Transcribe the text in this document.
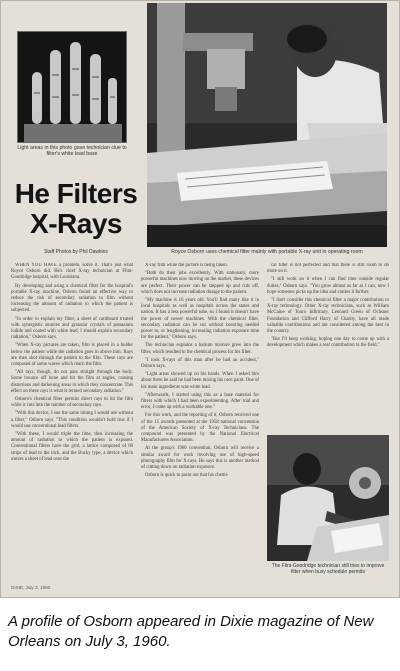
Light areas in this photo gave technician clue to filter's white lead base
He Filters
X-Rays
Staff Photos by Phil Dawkins	Royce Osborn uses chemical filter mainly with portable X-ray unit in operating room

WHEN YOU HAVE a problem, solve it. That's just what Royce Osborn did. He's chief X-ray technician at Flint-Goodridge hospital, with Louisiana.

By developing and using a chemical filter for the hospital's portable X-ray machine, Osborn found an effective way to reduce the risk of secondary radiation to film without increasing the amount of radiation to which the patient is subjected.

"In order to explain my filter, a sheet of cardboard treated with synergistic sources and granular crystals of potassium iodide and coated with white lead, I should explain secondary radiation," Osborn says.

"When X-ray pictures are taken, film is placed in a holder below the patient while the radiation goes in above him. Rays are then shot through the patient to the film. These rays are composed of some waves which reach the film.

"All rays, though, do not pass straight through the body. Some bounce off bone and hit the film at angles, causing distortions and darkening areas in which they concentrate. This effect on these rays is what is termed secondary radiation."

Osborn's chemical filter permits direct rays to hit the film while it cuts into the number of secondary rays.

"With this device, I use the same timing I would use without a filter," Osborn says. "This condition wouldn't hold true if I would use conventional lead filters.

"With these, I would triple the time, thus increasing the amount of radiation to which the patient is exposed. Conventional filters have the grid, a lattice composed of 80 strips of lead to the inch, and the Bucky type, a device which moves a sheet of lead over the

X-ray film while the picture is being taken.

"Both do their jobs excellently. With stationary, more powerful machines now moving on the market, these devices are perfect. Their power can be stepped up and cuts off, which does not increase radiation dosage to the patient.

"My machine is 16 years old. You'll find many like it in local hospitals as well as hospitals across the states and nation. It has a less powerful tube, so I found it doesn't have the power of newer machines. With the chemical filter, secondary radiation can be cut without boosting needed power to, or lengthening, increasing radiation exposure time for the patient," Osborn says.

The technician explains a barium mixture grew into the filter, which resulted in the chemical process for his filter.

"I took X-rays of this man after he had an accident," Osborn says.

"Light areas showed up on his hands. When I asked him about them he said he had been mixing his own paint. One of his main ingredients was white lead.

"Afterwards, I started using this as a base material for filters with which I had been experimenting. After trial and error, I came up with a workable one."

For this work, and the reporting of it, Osborn received one of the 15 awards presented at the 1958 national convention of the American Society of X-ray Technicians. The compound was presented by the National Electrical Manufacturers Association.

At the group's 1960 convention, Osborn will receive a similar award for work involving use of high-speed photography film for X-rays. He says this is another method of cutting down on radiation exposure.

Osborn is quick to point out that his chemi-

cal filter is not perfected and that there is still room to do more on it.

"I still work on it when I can find time outside regular duties," Osborn says. "You grow almost as far as I can, now I hope someone picks up the idea and carries it further.

"I don't consider this chemical filter a major contribution to X-ray technology. Other X-ray technicians, such as William McCaine of Touro Infirmary, Leonard Green of Ochsner Foundation and Clifford Harry of Charity, have all made valuable contributions and are considered among the best in the country.

"But I'll keep working, hoping one day to come up with a development which makes a real contribution to the field."

The Flint-Goodridge technician still tries to improve filter when busy schedule permits
DIXIE, July 3, 1960
A profile of Osborn appeared in Dixie magazine of New Orleans on July 3, 1960.
